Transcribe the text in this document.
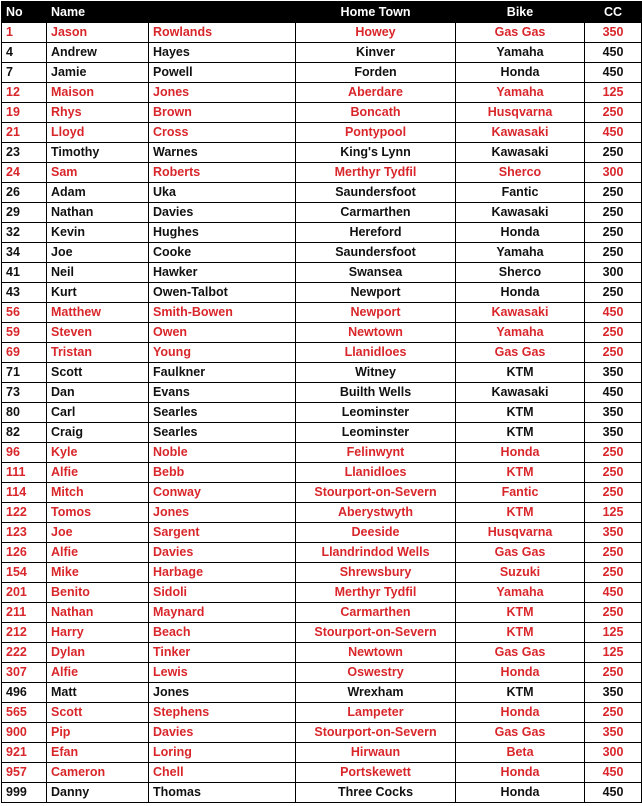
No	Name		Home Town	Bike	CC
1	Jason	Rowlands	Howey	Gas Gas	350
4	Andrew	Hayes	Kinver	Yamaha	450
7	Jamie	Powell	Forden	Honda	450
12	Maison	Jones	Aberdare	Yamaha	125
19	Rhys	Brown	Boncath	Husqvarna	250
21	Lloyd	Cross	Pontypool	Kawasaki	450
23	Timothy	Warnes	King's Lynn	Kawasaki	250
24	Sam	Roberts	Merthyr Tydfil	Sherco	300
26	Adam	Uka	Saundersfoot	Fantic	250
29	Nathan	Davies	Carmarthen	Kawasaki	250
32	Kevin	Hughes	Hereford	Honda	250
34	Joe	Cooke	Saundersfoot	Yamaha	250
41	Neil	Hawker	Swansea	Sherco	300
43	Kurt	Owen-Talbot	Newport	Honda	250
56	Matthew	Smith-Bowen	Newport	Kawasaki	450
59	Steven	Owen	Newtown	Yamaha	250
69	Tristan	Young	Llanidloes	Gas Gas	250
71	Scott	Faulkner	Witney	KTM	350
73	Dan	Evans	Builth Wells	Kawasaki	450
80	Carl	Searles	Leominster	KTM	350
82	Craig	Searles	Leominster	KTM	350
96	Kyle	Noble	Felinwynt	Honda	250
111	Alfie	Bebb	Llanidloes	KTM	250
114	Mitch	Conway	Stourport-on-Severn	Fantic	250
122	Tomos	Jones	Aberystwyth	KTM	125
123	Joe	Sargent	Deeside	Husqvarna	350
126	Alfie	Davies	Llandrindod Wells	Gas Gas	250
154	Mike	Harbage	Shrewsbury	Suzuki	250
201	Benito	Sidoli	Merthyr Tydfil	Yamaha	450
211	Nathan	Maynard	Carmarthen	KTM	250
212	Harry	Beach	Stourport-on-Severn	KTM	125
222	Dylan	Tinker	Newtown	Gas Gas	125
307	Alfie	Lewis	Oswestry	Honda	250
496	Matt	Jones	Wrexham	KTM	350
565	Scott	Stephens	Lampeter	Honda	250
900	Pip	Davies	Stourport-on-Severn	Gas Gas	350
921	Efan	Loring	Hirwaun	Beta	300
957	Cameron	Chell	Portskewett	Honda	450
999	Danny	Thomas	Three Cocks	Honda	450
